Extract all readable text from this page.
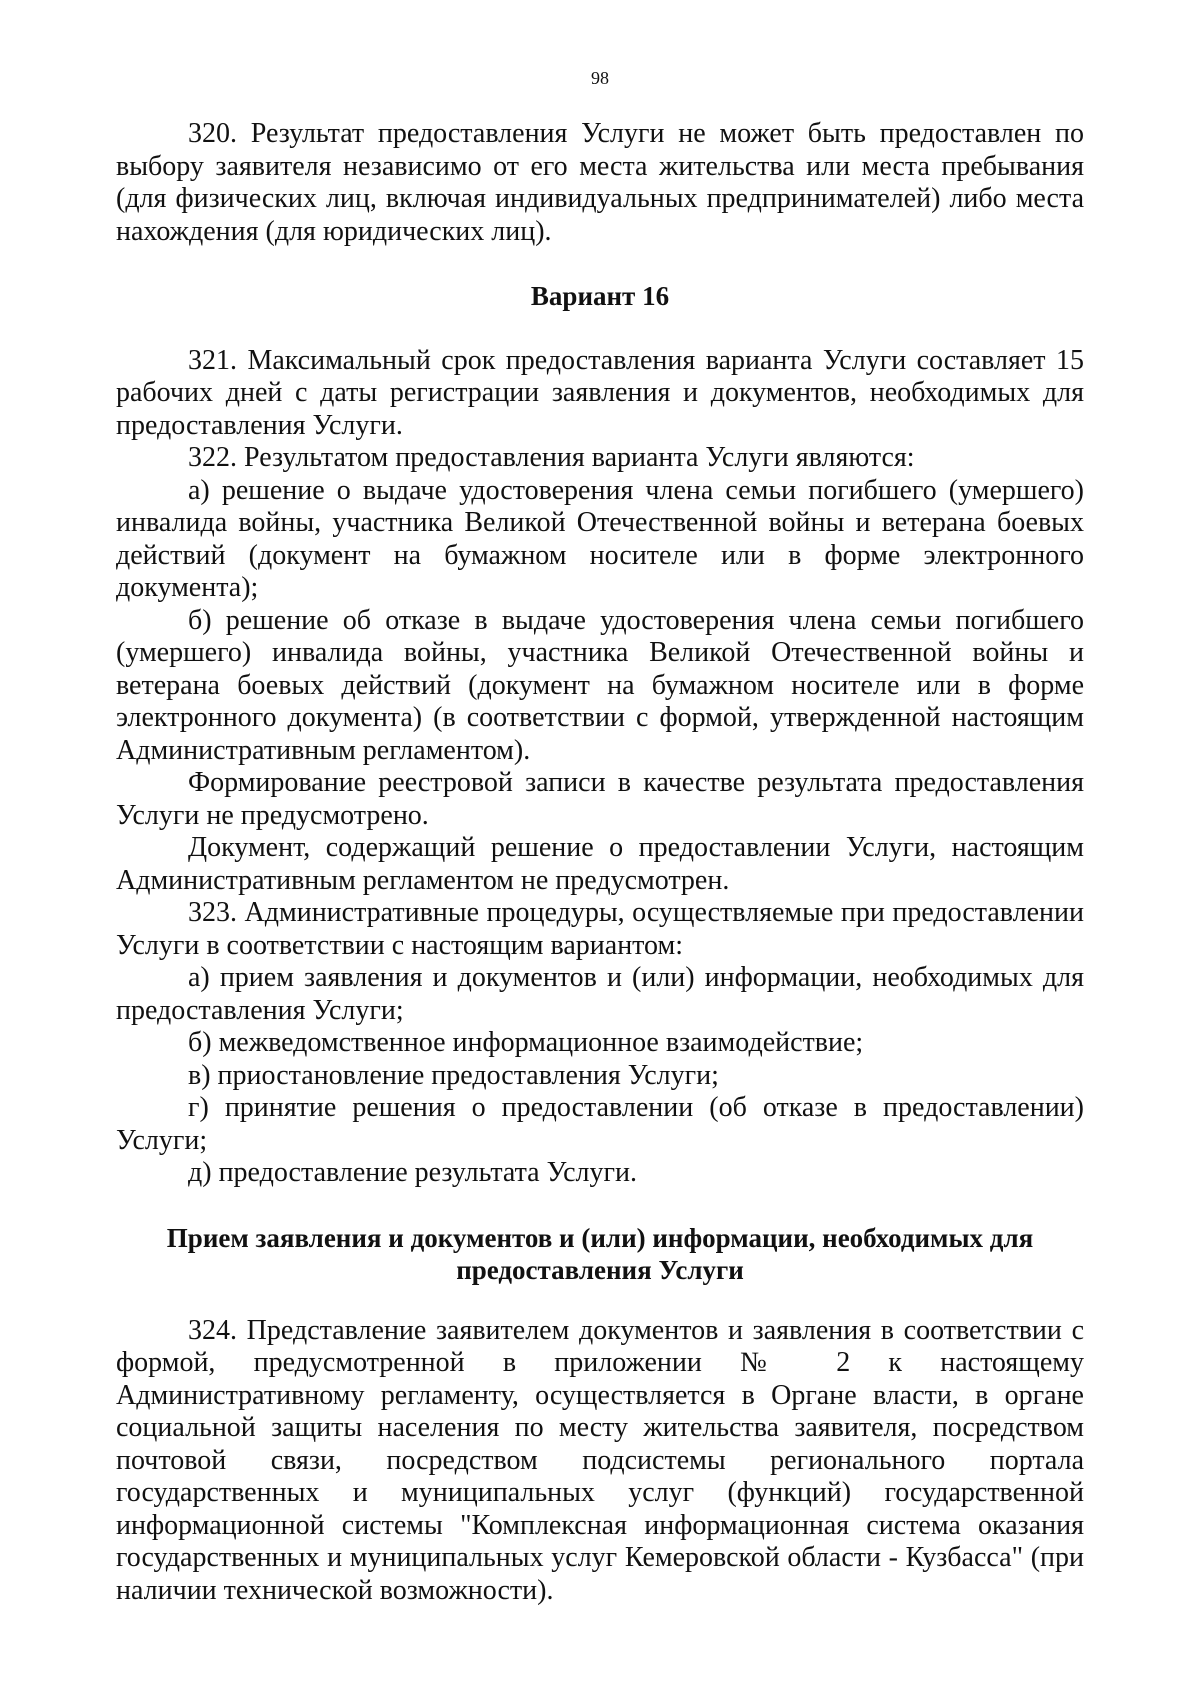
98

320. Результат предоставления Услуги не может быть предоставлен по выбору заявителя независимо от его места жительства или места пребывания (для физических лиц, включая индивидуальных предпринимателей) либо места нахождения (для юридических лиц).

Вариант 16

321. Максимальный срок предоставления варианта Услуги составляет 15 рабочих дней с даты регистрации заявления и документов, необходимых для предоставления Услуги.

322. Результатом предоставления варианта Услуги являются:

а) решение о выдаче удостоверения члена семьи погибшего (умершего) инвалида войны, участника Великой Отечественной войны и ветерана боевых действий (документ на бумажном носителе или в форме электронного документа);

б) решение об отказе в выдаче удостоверения члена семьи погибшего (умершего) инвалида войны, участника Великой Отечественной войны и ветерана боевых действий (документ на бумажном носителе или в форме электронного документа) (в соответствии с формой, утвержденной настоящим Административным регламентом).

Формирование реестровой записи в качестве результата предоставления Услуги не предусмотрено.

Документ, содержащий решение о предоставлении Услуги, настоящим Административным регламентом не предусмотрен.

323. Административные процедуры, осуществляемые при предоставлении Услуги в соответствии с настоящим вариантом:

а) прием заявления и документов и (или) информации, необходимых для предоставления Услуги;

б) межведомственное информационное взаимодействие;

в) приостановление предоставления Услуги;

г) принятие решения о предоставлении (об отказе в предоставлении) Услуги;

д) предоставление результата Услуги.

Прием заявления и документов и (или) информации, необходимых для предоставления Услуги

324. Представление заявителем документов и заявления в соответствии с формой, предусмотренной в приложении № 2 к настоящему Административному регламенту, осуществляется в Органе власти, в органе социальной защиты населения по месту жительства заявителя, посредством почтовой связи, посредством подсистемы регионального портала государственных и муниципальных услуг (функций) государственной информационной системы "Комплексная информационная система оказания государственных и муниципальных услуг Кемеровской области - Кузбасса" (при наличии технической возможности).
